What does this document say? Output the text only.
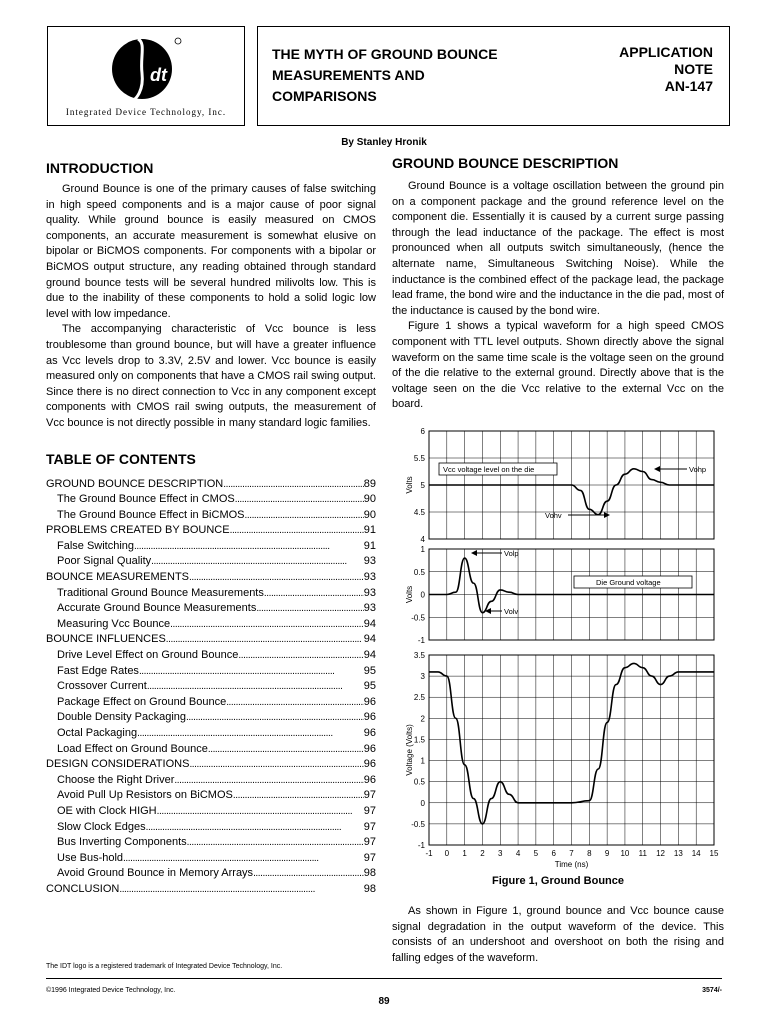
dt
Integrated Device Technology, Inc.
THE MYTH OF GROUND BOUNCE
MEASUREMENTS AND
COMPARISONS
APPLICATION
NOTE
AN-147
By Stanley Hronik
INTRODUCTION

Ground Bounce is one of the primary causes of false switching in high speed components and is a major cause of poor signal quality. While ground bounce is easily measured on CMOS components, an accurate measurement is somewhat elusive on bipolar or BiCMOS components. For components with a bipolar or BiCMOS output structure, any reading obtained through standard ground bounce tests will be several hundred milivolts low. This is due to the inability of these components to hold a solid logic low level with low impedance.

The accompanying characteristic of Vcc bounce is less troublesome than ground bounce, but will have a greater influence as Vcc levels drop to 3.3V, 2.5V and lower. Vcc bounce is easily measured only on components that have a CMOS rail swing output. Since there is no direct connection to Vcc in any component except components with CMOS rail swing outputs, the measurement of Vcc bounce is not directly possible in many standard logic families.

TABLE OF CONTENTS
GROUND BOUNCE DESCRIPTION . . .	89
The Ground Bounce Effect in CMOS . . .	90
The Ground Bounce Effect in BiCMOS . . .	90
PROBLEMS CREATED BY BOUNCE . . .	91
False Switching . . .	91
Poor Signal Quality . . .	93
BOUNCE MEASUREMENTS . . .	93
Traditional Ground Bounce Measurements . . .	93
Accurate Ground Bounce Measurements . . .	93
Measuring Vcc Bounce . . .	94
BOUNCE INFLUENCES . . .	94
Drive Level Effect on Ground Bounce . . .	94
Fast Edge Rates . . .	95
Crossover Current . . .	95
Package Effect on Ground Bounce . . .	96
Double Density Packaging . . .	96
Octal Packaging . . .	96
Load Effect on Ground Bounce . . .	96
DESIGN CONSIDERATIONS . . .	96
Choose the Right Driver . . .	96
Avoid Pull Up Resistors on BiCMOS . . .	97
OE with Clock HIGH . . .	97
Slow Clock Edges . . .	97
Bus Inverting Components . . .	97
Use Bus-hold . . .	97
Avoid Ground Bounce in Memory Arrays . . .	98
CONCLUSION . . .	98
GROUND BOUNCE DESCRIPTION

Ground Bounce is a voltage oscillation between the ground pin on a component package and the ground reference level on the component die. Essentially it is caused by a current surge passing through the lead inductance of the package. The effect is most pronounced when all outputs switch simultaneously, (hence the alternate name, Simultaneous Switching Noise). While the inductance is the combined effect of the package lead, the package lead frame, the bond wire and the inductance in the die pad, most of the inductance is caused by the bond wire.

Figure 1 shows a typical waveform for a high speed CMOS component with TTL level outputs. Shown directly above the signal waveform on the same time scale is the voltage seen on the ground of the die relative to the external ground. Directly above that is the voltage seen on the die Vcc relative to the external Vcc on the board.

6
5.5
5
4.5
4
Volts
1
0.5
0
-0.5
-1
Volts
3.5
3
2.5
2
1.5
1
0.5
0
-0.5
-1
Voltage (Volts)
-1 0 1 2 3 4 5 6 7 8 9 10 11 12 13 14 15
Time (ns)
Vcc voltage level on the die	Vohp
Vohv
Die Ground voltage
Volp
Volv
Figure 1, Ground Bounce

As shown in Figure 1, ground bounce and Vcc bounce cause signal degradation in the output waveform of the device. This consists of an undershoot and overshoot on both the rising and falling edges of the waveform.

The IDT logo is a registered trademark of Integrated Device Technology, Inc.
©1996 Integrated Device Technology, Inc.	3574/-
89
